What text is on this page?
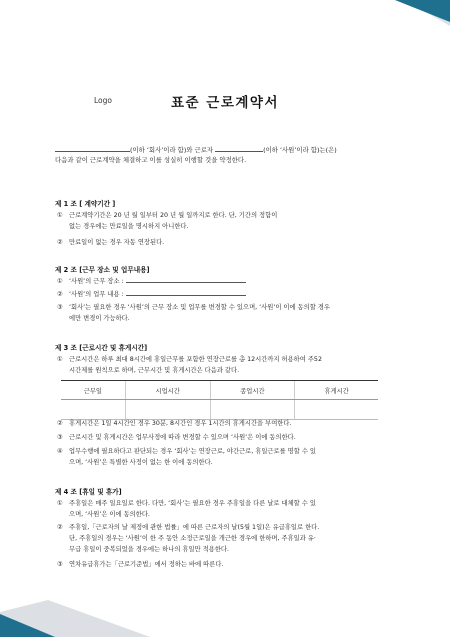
Logo	표준 근로계약서
(이하 ‘회사’이라 함)와 근로자	(이하 ‘사원’이라 함)는(은)
다음과 같이 근로계약을 체결하고 이를 성실히 이행할 것을 약정한다.
제 1 조 [ 계약기간 ]
① 근로계약기간은 20 년 월 일부터 20 년 월 일까지로 한다. 단, 기간의 정함이
없는 경우에는 만료일을 명시하지 아니한다.
② 만료일이 없는 경우 자동 연장된다.
제 2 조 [근무 장소 및 업무내용]
① ‘사원’의 근무 장소 :
② ‘사원’의 업무 내용 :
③ ‘회사’는 필요한 경우 ‘사원’의 근무 장소 및 업무를 변경할 수 있으며, ‘사원’이 이에 동의할 경우
에만 변경이 가능하다.
제 3 조 [근로시간 및 휴게시간]
① 근로시간은 하루 최대 8시간에 휴일근무를 포함한 연장근로를 총 12시간까지 허용하여 주52
시간제를 원칙으로 하며, 근무시간 및 휴게시간은 다음과 같다.
근무일	시업시간	종업시간	휴게시간

② 휴게시간은 1일 4시간인 경우 30분, 8시간인 경우 1시간의 휴게시간을 부여한다.
③ 근로시간 및 휴게시간은 업무사정에 따라 변경할 수 있으며 ‘사원’은 이에 동의한다.
④ 업무수행에 필요하다고 판단되는 경우 ‘회사’는 연장근로, 야간근로, 휴일근로를 명할 수 있
으며, ‘사원’은 특별한 사정이 없는 한 이에 동의한다.
제 4 조 [휴일 및 휴가]
① 주휴일은 매주 일요일로 한다. 다만, ‘회사’는 필요한 경우 주휴일을 다른 날로 대체할 수 있
으며, ‘사원’은 이에 동의한다.
② 주휴일,「근로자의 날 제정에 관한 법률」에 따른 근로자의 날(5월 1일)은 유급휴일로 한다.
단, 주휴일의 경우는 ‘사원’이 한 주 동안 소정근로일을 개근한 경우에 한하며, 주휴일과 유·
무급 휴일이 중복되었을 경우에는 하나의 휴일만 적용한다.
③ 연차유급휴가는「근로기준법」에서 정하는 바에 따른다.
